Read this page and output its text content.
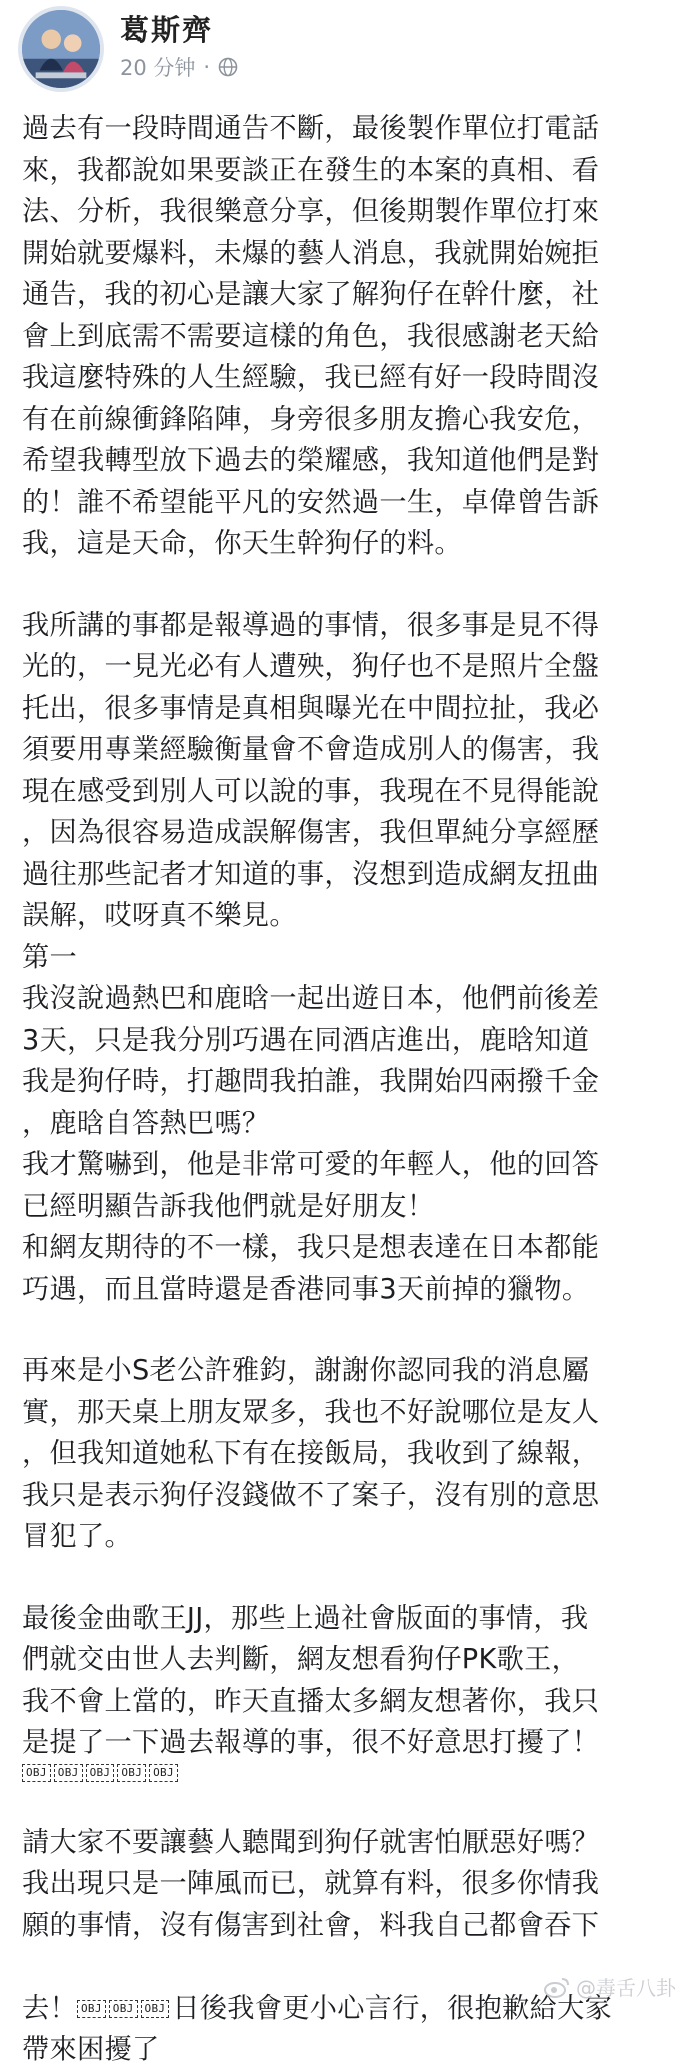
葛斯齊
20 分钟 ·

過去有一段時間通告不斷，最後製作單位打電話
來，我都說如果要談正在發生的本案的真相、看
法、分析，我很樂意分享，但後期製作單位打來
開始就要爆料，未爆的藝人消息，我就開始婉拒
通告，我的初心是讓大家了解狗仔在幹什麼，社
會上到底需不需要這樣的角色，我很感謝老天給
我這麼特殊的人生經驗，我已經有好一段時間沒
有在前線衝鋒陷陣，身旁很多朋友擔心我安危，
希望我轉型放下過去的榮耀感，我知道他們是對
的！誰不希望能平凡的安然過一生，卓偉曾告訴
我，這是天命，你天生幹狗仔的料。

我所講的事都是報導過的事情，很多事是見不得
光的，一見光必有人遭殃，狗仔也不是照片全盤
托出，很多事情是真相與曝光在中間拉扯，我必
須要用專業經驗衡量會不會造成別人的傷害，我
現在感受到別人可以說的事，我現在不見得能說
，因為很容易造成誤解傷害，我但單純分享經歷
過往那些記者才知道的事，沒想到造成網友扭曲
誤解，哎呀真不樂見。

第一
我沒說過熱巴和鹿晗一起出遊日本，他們前後差
3天，只是我分別巧遇在同酒店進出，鹿晗知道
我是狗仔時，打趣問我拍誰，我開始四兩撥千金
，鹿晗自答熱巴嗎？
我才驚嚇到，他是非常可愛的年輕人，他的回答
已經明顯告訴我他們就是好朋友！
和網友期待的不一樣，我只是想表達在日本都能
巧遇，而且當時還是香港同事3天前掉的獵物。

再來是小S老公許雅鈞，謝謝你認同我的消息屬
實，那天桌上朋友眾多，我也不好說哪位是友人
，但我知道她私下有在接飯局，我收到了線報，
我只是表示狗仔沒錢做不了案子，沒有別的意思
冒犯了。

最後金曲歌王JJ，那些上過社會版面的事情，我
們就交由世人去判斷，網友想看狗仔PK歌王，
我不會上當的，昨天直播太多網友想著你，我只
是提了一下過去報導的事，很不好意思打擾了！

OBJ	OBJ	OBJ	OBJ	OBJ

請大家不要讓藝人聽聞到狗仔就害怕厭惡好嗎？
我出現只是一陣風而已，就算有料，很多你情我
願的事情，沒有傷害到社會，料我自己都會吞下

去！ OBJ OBJ OBJ 日後我會更小心言行，很抱歉給大家

帶來困擾了

@毒舌八卦
